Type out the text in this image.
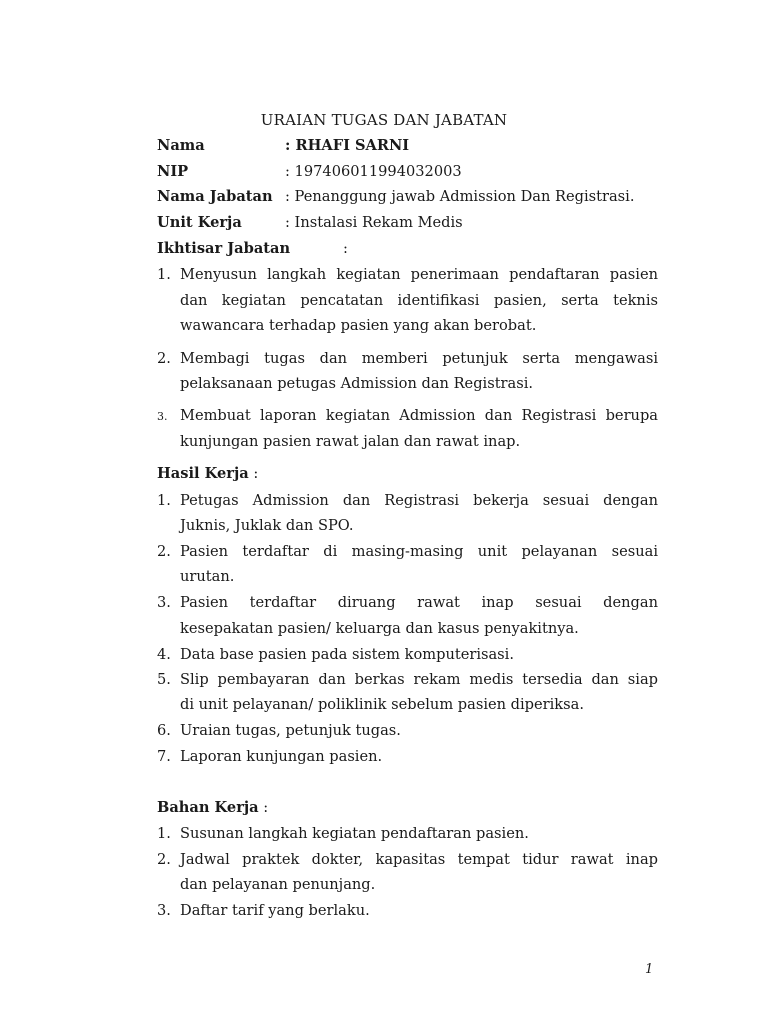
URAIAN TUGAS DAN JABATAN
Nama	: RHAFI SARNI
NIP	: 197406011994032003
Nama Jabatan : Penanggung jawab Admission Dan Registrasi.
Unit Kerja	: Instalasi Rekam Medis
Ikhtisar Jabatan	:
1. Menyusun langkah kegiatan penerimaan pendaftaran pasien
dan kegiatan pencatatan identifikasi pasien, serta teknis
wawancara terhadap pasien yang akan berobat.
2. Membagi tugas dan memberi petunjuk serta mengawasi
pelaksanaan petugas Admission dan Registrasi.
3. Membuat laporan kegiatan Admission dan Registrasi berupa
kunjungan pasien rawat jalan dan rawat inap.
Hasil Kerja :
1. Petugas Admission dan Registrasi bekerja sesuai dengan
Juknis, Juklak dan SPO.
2. Pasien terdaftar di masing-masing unit pelayanan sesuai
urutan.
3. Pasien terdaftar diruang rawat inap sesuai dengan
kesepakatan pasien/ keluarga dan kasus penyakitnya.
4. Data base pasien pada sistem komputerisasi.
5. Slip pembayaran dan berkas rekam medis tersedia dan siap
di unit pelayanan/ poliklinik sebelum pasien diperiksa.
6. Uraian tugas, petunjuk tugas.
7. Laporan kunjungan pasien.
Bahan Kerja :
1. Susunan langkah kegiatan pendaftaran pasien.
2. Jadwal praktek dokter, kapasitas tempat tidur rawat inap
dan pelayanan penunjang.
3. Daftar tarif yang berlaku.
1
